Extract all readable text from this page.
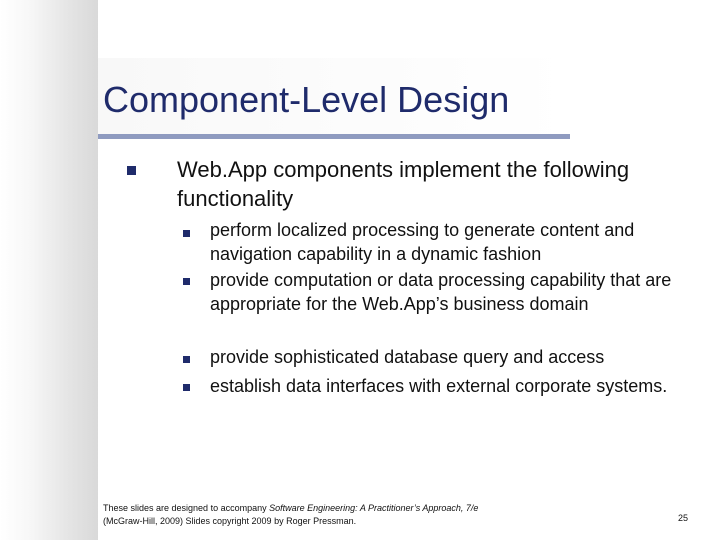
Component-Level Design

Web.App components implement the following functionality

perform localized processing to generate content and navigation capability in a dynamic fashion

provide computation or data processing capability that are appropriate for the Web.App’s business domain

provide sophisticated database query and access

establish data interfaces with external corporate systems.

These slides are designed to accompany Software Engineering: A Practitioner’s Approach, 7/e
(McGraw-Hill, 2009) Slides copyright 2009 by Roger Pressman.	25
